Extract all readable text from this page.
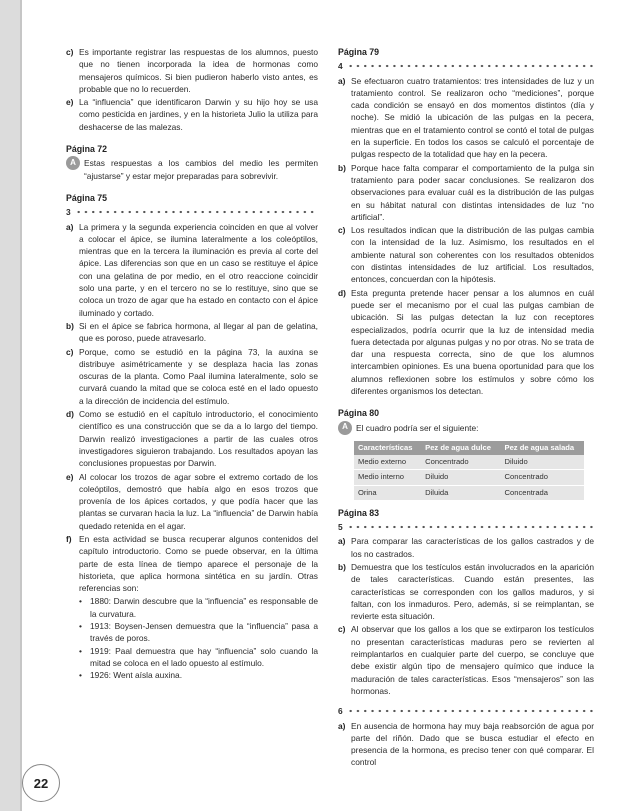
22
c) Es importante registrar las respuestas de los alumnos, puesto que no tienen incorporada la idea de hormonas como mensajeros químicos. Si bien pudieron haberlo visto antes, es probable que no lo recuerden.
e) La “influencia” que identificaron Darwin y su hijo hoy se usa como pesticida en jardines, y en la historieta Julio la utiliza para deshacerse de las malezas.
Página 72
A Estas respuestas a los cambios del medio les permiten “ajustarse” y estar mejor preparadas para sobrevivir.
Página 75
3
a) La primera y la segunda experiencia coinciden en que al volver a colocar el ápice, se ilumina lateralmente a los coleóptilos, mientras que en la tercera la iluminación es previa al corte del ápice. Las diferencias son que en un caso se restituye el ápice con una gelatina de por medio, en el otro reaccione coincidir solo una parte, y en el tercero no se lo restituye, sino que se coloca un trozo de agar que ha estado en contacto con el ápice iluminado y cortado.
b) Si en el ápice se fabrica hormona, al llegar al pan de gelatina, que es poroso, puede atravesarlo.
c) Porque, como se estudió en la página 73, la auxina se distribuye asimétricamente y se desplaza hacia las zonas oscuras de la planta. Como Paal ilumina lateralmente, solo se curvará cuando la mitad que se coloca esté en el lado opuesto a la dirección de incidencia del estímulo.
d) Como se estudió en el capítulo introductorio, el conocimiento científico es una construcción que se da a lo largo del tiempo. Darwin realizó investigaciones a partir de las cuales otros investigadores siguieron trabajando. Los resultados apoyan las conclusiones propuestas por Darwin.
e) Al colocar los trozos de agar sobre el extremo cortado de los coleóptilos, demostró que había algo en esos trozos que provenía de los ápices cortados, y que podía hacer que las plantas se curvaran hacia la luz. La “influencia” de Darwin había quedado retenida en el agar.
f) En esta actividad se busca recuperar algunos contenidos del capítulo introductorio. Como se puede observar, en la última parte de esta línea de tiempo aparece el personaje de la historieta, que aplica hormona sintética en su jardín. Otras referencias son:
• 1880: Darwin descubre que la “influencia” es responsable de la curvatura.
• 1913: Boysen-Jensen demuestra que la “influencia” pasa a través de poros.
• 1919: Paal demuestra que hay “influencia” solo cuando la mitad se coloca en el lado opuesto al estímulo.
• 1926: Went aísla auxina.
Página 79
4
a) Se efectuaron cuatro tratamientos: tres intensidades de luz y un tratamiento control. Se realizaron ocho “mediciones”, porque cada condición se ensayó en dos momentos distintos (día y noche). Se midió la ubicación de las pulgas en la pecera, mientras que en el tratamiento control se contó el total de pulgas en la superficie. En todos los casos se calculó el porcentaje de pulgas respecto de la totalidad que hay en la pecera.
b) Porque hace falta comparar el comportamiento de la pulga sin tratamiento para poder sacar conclusiones. Se realizaron dos observaciones para evaluar cuál es la distribución de las pulgas en su hábitat natural con distintas intensidades de luz “no artificial”.
c) Los resultados indican que la distribución de las pulgas cambia con la intensidad de la luz. Asimismo, los resultados en el ambiente natural son coherentes con los resultados obtenidos con distintas intensidades de luz artificial. Los resultados, entonces, concuerdan con la hipótesis.
d) Esta pregunta pretende hacer pensar a los alumnos en cuál puede ser el mecanismo por el cual las pulgas cambian de ubicación. Si las pulgas detectan la luz con receptores especializados, podría ocurrir que la luz de intensidad media fuera detectada por algunas pulgas y no por otras. No se trata de dar una respuesta correcta, sino de que los alumnos intercambien opiniones. Es una buena oportunidad para que los alumnos reflexionen sobre los estímulos y sobre cómo los diferentes organismos los detectan.
Página 80
A El cuadro podría ser el siguiente:
Características	Pez de agua dulce	Pez de agua salada
Medio externo	Concentrado	Diluido
Medio interno	Diluido	Concentrado
Orina	Diluida	Concentrada
Página 83
5
a) Para comparar las características de los gallos castrados y de los no castrados.
b) Demuestra que los testículos están involucrados en la aparición de tales características. Cuando están presentes, las características se corresponden con los gallos maduros, y si faltan, con los inmaduros. Pero, además, si se reimplantan, se revierte esta situación.
c) Al observar que los gallos a los que se extirparon los testículos no presentan características maduras pero se revierten al reimplantarlos en cualquier parte del cuerpo, se concluye que debe existir algún tipo de mensajero químico que induce la maduración de tales características. Esos “mensajeros” son las hormonas.
6
a) En ausencia de hormona hay muy baja reabsorción de agua por parte del riñón. Dado que se busca estudiar el efecto en presencia de la hormona, es preciso tener con qué comparar. El control
